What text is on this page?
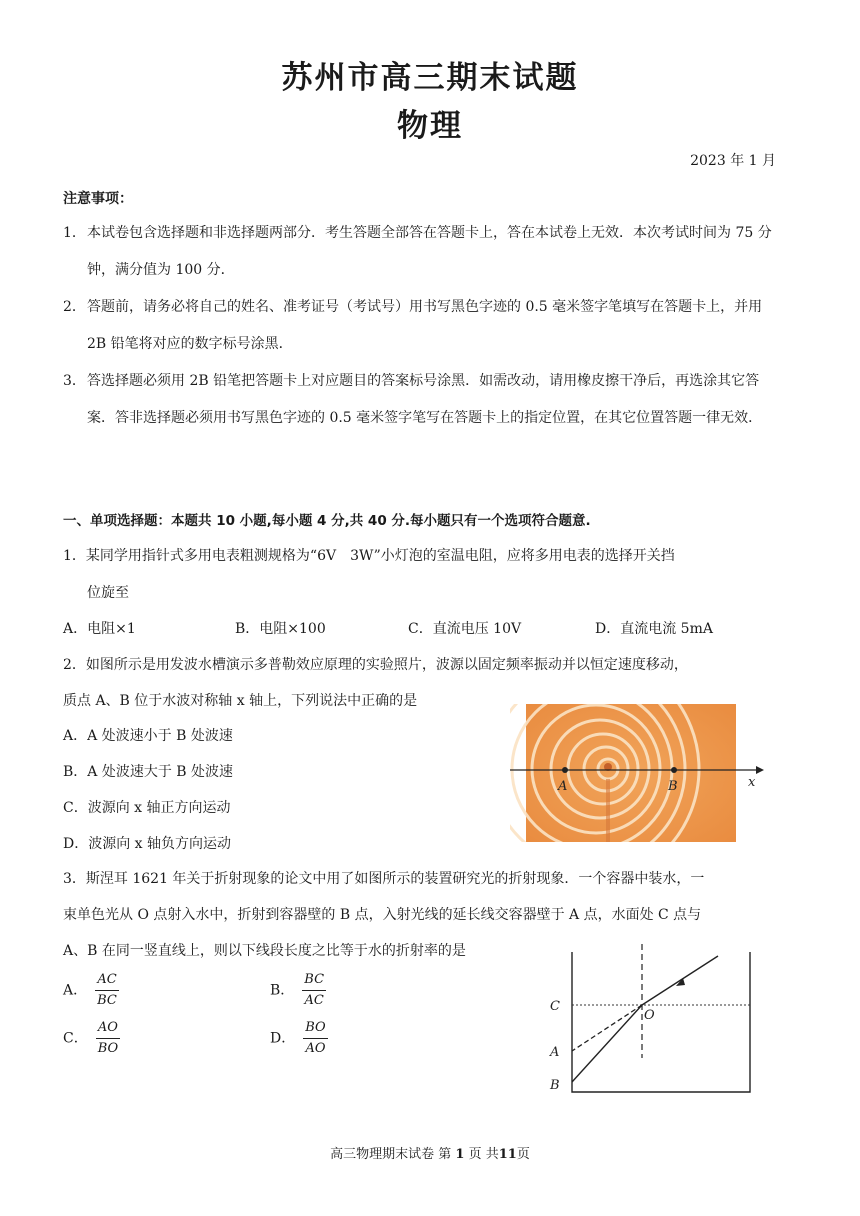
苏州市高三期末试题
物理
2023 年 1 月
注意事项：
1． 本试卷包含选择题和非选择题两部分．考生答题全部答在答题卡上，答在本试卷上无效．本次考试时间为 75 分钟，满分值为 100 分．
2． 答题前，请务必将自己的姓名、准考证号（考试号）用书写黑色字迹的 0.5 毫米签字笔填写在答题卡上，并用 2B 铅笔将对应的数字标号涂黑．
3． 答选择题必须用 2B 铅笔把答题卡上对应题目的答案标号涂黑．如需改动，请用橡皮擦干净后，再选涂其它答案．答非选择题必须用书写黑色字迹的 0.5 毫米签字笔写在答题卡上的指定位置，在其它位置答题一律无效．
一、单项选择题：本题共 10 小题,每小题 4 分,共 40 分.每小题只有一个选项符合题意.
1．某同学用指针式多用电表粗测规格为“6V　3W”小灯泡的室温电阻，应将多用电表的选择开关挡
位旋至
A．电阻×1	B．电阻×100	C．直流电压 10V	D．直流电流 5mA
2．如图所示是用发波水槽演示多普勒效应原理的实验照片，波源以固定频率振动并以恒定速度移动，
质点 A、B 位于水波对称轴 x 轴上，下列说法中正确的是
A．A 处波速小于 B 处波速
B．A 处波速大于 B 处波速
C．波源向 x 轴正方向运动
D．波源向 x 轴负方向运动
A	B	x
3．斯涅耳 1621 年关于折射现象的论文中用了如图所示的装置研究光的折射现象．一个容器中装水，一
束单色光从 O 点射入水中，折射到容器壁的 B 点，入射光线的延长线交容器壁于 A 点，水面处 C 点与
A、B 在同一竖直线上，则以下线段长度之比等于水的折射率的是
A． $\frac{AC}{BC}$	B． $\frac{BC}{AC}$
C． $\frac{AO}{BO}$	D． $\frac{BO}{AO}$
C
O
A
B
高三物理期末试卷 第 1 页 共11页
